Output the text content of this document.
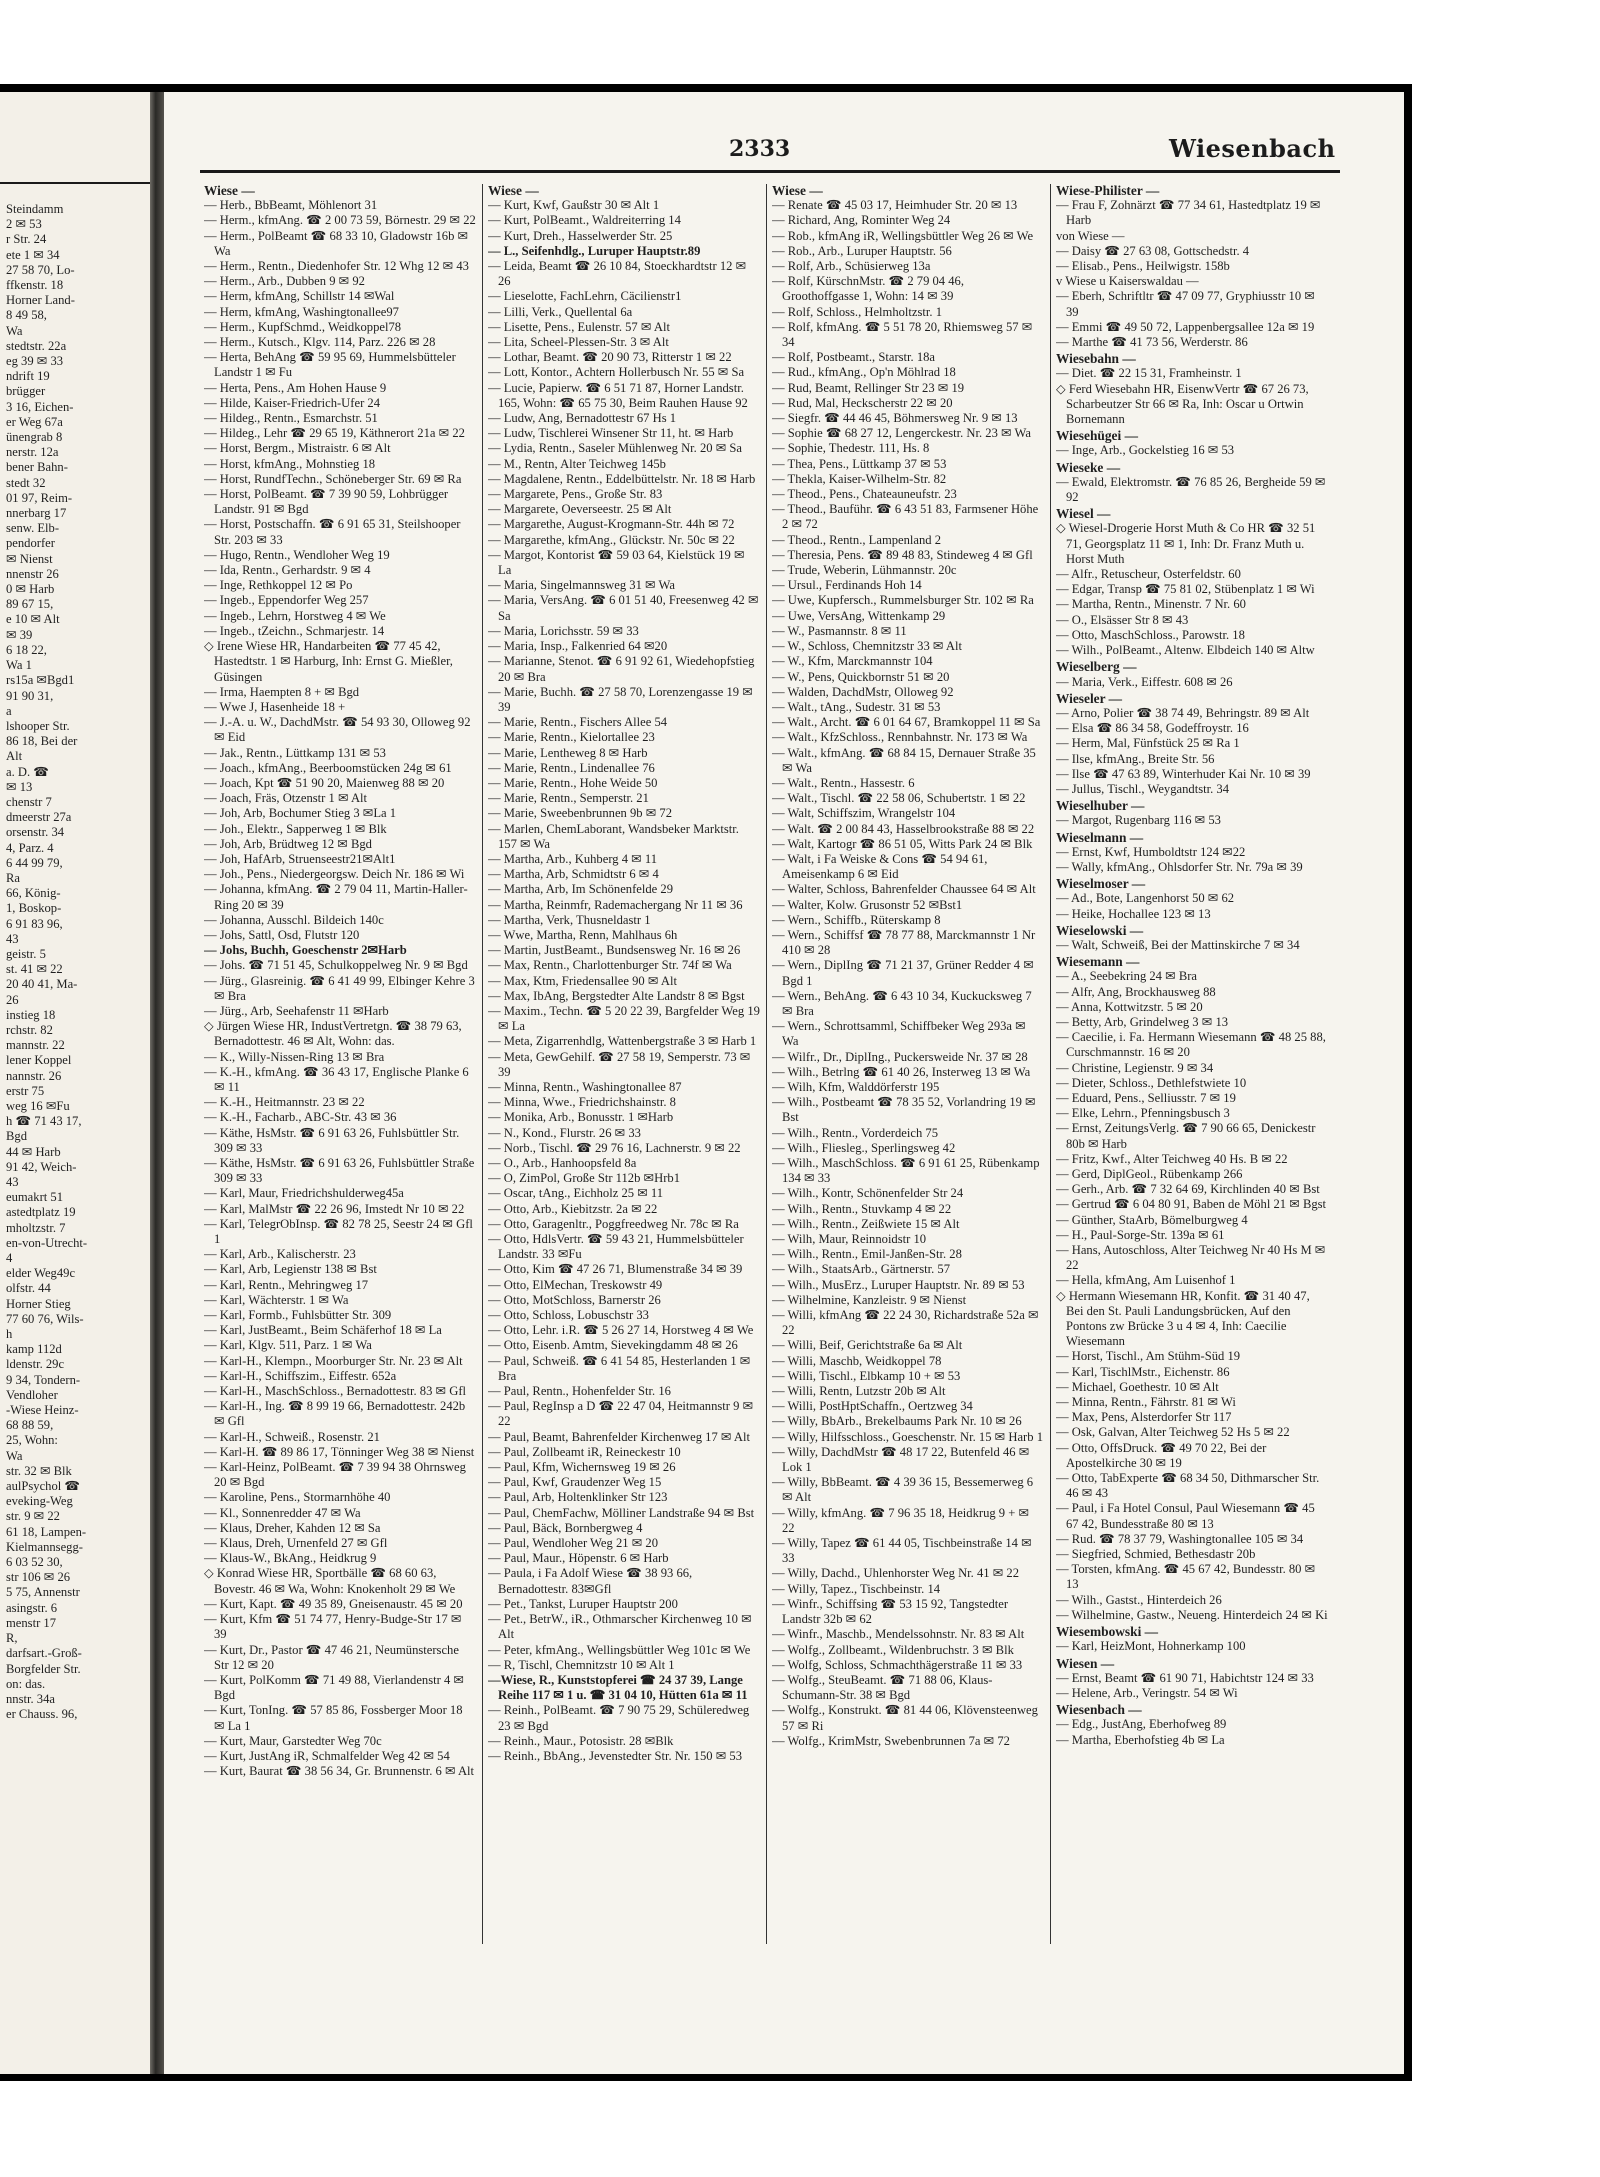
Steindamm
2 ✉ 53
r Str. 24
ete 1 ✉ 34
27 58 70, Lo-
ffkenstr. 18
Horner Land-
8 49 58,
Wa
stedtstr. 22a
eg 39 ✉ 33
ndrift 19
brügger
3 16, Eichen-
er Weg 67a
ünengrab 8
nerstr. 12a
bener Bahn-
stedt 32
01 97, Reim-
nnerbarg 17
senw. Elb-
pendorfer
✉ Nienst
nnenstr 26
0 ✉ Harb
89 67 15,
e 10 ✉ Alt
✉ 39
6 18 22,
Wa 1
rs15a ✉Bgd1
91 90 31,
a
lshooper Str.
86 18, Bei der
Alt
a. D. ☎
✉ 13
chenstr 7
dmeerstr 27a
orsenstr. 34
4, Parz. 4
6 44 99 79,
Ra
66, König-
1, Boskop-
6 91 83 96,
43
geistr. 5
st. 41 ✉ 22
20 40 41, Ma-
26
instieg 18
rchstr. 82
mannstr. 22
lener Koppel
nannstr. 26
erstr 75
weg 16 ✉Fu
h ☎ 71 43 17,
Bgd
44 ✉ Harb
91 42, Weich-
43
eumakrt 51
astedtplatz 19
mholtzstr. 7
en-von-Utrecht-
4
elder Weg49c
olfstr. 44
Horner Stieg
77 60 76, Wils-
h
kamp 112d
ldenstr. 29c
9 34, Tondern-
Vendloher
-Wiese Heinz-
68 88 59,
25, Wohn:
Wa
str. 32 ✉ Blk
aulPsychol ☎
eveking-Weg
str. 9 ✉ 22
61 18, Lampen-
Kielmannsegg-
6 03 52 30,
str 106 ✉ 26
5 75, Annenstr
asingstr. 6
menstr 17
R,
darfsart.-Groß-
Borgfelder Str.
on: das.
nnstr. 34a
er Chauss. 96,
2333	Wiesenbach

Wiese —

— Herb., BbBeamt, Möhlenort 31

— Herm., kfmAng. ☎ 2 00 73 59, Börnestr. 29 ✉ 22

— Herm., PolBeamt ☎ 68 33 10, Gladowstr 16b ✉ Wa

— Herm., Rentn., Diedenhofer Str. 12 Whg 12 ✉ 43

— Herm., Arb., Dubben 9 ✉ 92

— Herm, kfmAng, Schillstr 14 ✉Wal

— Herm, kfmAng, Washingtonallee97

— Herm., KupfSchmd., Weidkoppel78

— Herm., Kutsch., Klgv. 114, Parz. 226 ✉ 28

— Herta, BehAng ☎ 59 95 69, Hummelsbütteler Landstr 1 ✉ Fu

— Herta, Pens., Am Hohen Hause 9

— Hilde, Kaiser-Friedrich-Ufer 24

— Hildeg., Rentn., Esmarchstr. 51

— Hildeg., Lehr ☎ 29 65 19, Käthnerort 21a ✉ 22

— Horst, Bergm., Mistraistr. 6 ✉ Alt

— Horst, kfmAng., Mohnstieg 18

— Horst, RundfTechn., Schöneberger Str. 69 ✉ Ra

— Horst, PolBeamt. ☎ 7 39 90 59, Lohbrügger Landstr. 91 ✉ Bgd

— Horst, Postschaffn. ☎ 6 91 65 31, Steilshooper Str. 203 ✉ 33

— Hugo, Rentn., Wendloher Weg 19

— Ida, Rentn., Gerhardstr. 9 ✉ 4

— Inge, Rethkoppel 12 ✉ Po

— Ingeb., Eppendorfer Weg 257

— Ingeb., Lehrn, Horstweg 4 ✉ We

— Ingeb., tZeichn., Schmarjestr. 14

◇ Irene Wiese HR, Handarbeiten ☎ 77 45 42, Hastedtstr. 1 ✉ Harburg, Inh: Ernst G. Mießler, Güsingen

— Irma, Haempten 8 + ✉ Bgd

— Wwe J, Hasenheide 18 +

— J.-A. u. W., DachdMstr. ☎ 54 93 30, Olloweg 92 ✉ Eid

— Jak., Rentn., Lüttkamp 131 ✉ 53

— Joach., kfmAng., Beerboomstücken 24g ✉ 61

— Joach, Kpt ☎ 51 90 20, Maienweg 88 ✉ 20

— Joach, Fräs, Otzenstr 1 ✉ Alt

— Joh, Arb, Bochumer Stieg 3 ✉La 1

— Joh., Elektr., Sapperweg 1 ✉ Blk

— Joh, Arb, Brüdtweg 12 ✉ Bgd

— Joh, HafArb, Struenseestr21✉Alt1

— Joh., Pens., Niedergeorgsw. Deich Nr. 186 ✉ Wi

— Johanna, kfmAng. ☎ 2 79 04 11, Martin-Haller-Ring 20 ✉ 39

— Johanna, Ausschl. Bildeich 140c

— Johs, Sattl, Osd, Flutstr 120

— Johs, Buchh, Goeschenstr 2✉Harb

— Johs. ☎ 71 51 45, Schulkoppelweg Nr. 9 ✉ Bgd

— Jürg., Glasreinig. ☎ 6 41 49 99, Elbinger Kehre 3 ✉ Bra

— Jürg., Arb, Seehafenstr 11 ✉Harb

◇ Jürgen Wiese HR, IndustVertretgn. ☎ 38 79 63, Bernadottestr. 46 ✉ Alt, Wohn: das.

— K., Willy-Nissen-Ring 13 ✉ Bra

— K.-H., kfmAng. ☎ 36 43 17, Englische Planke 6 ✉ 11

— K.-H., Heitmannstr. 23 ✉ 22

— K.-H., Facharb., ABC-Str. 43 ✉ 36

— Käthe, HsMstr. ☎ 6 91 63 26, Fuhlsbüttler Str. 309 ✉ 33

— Käthe, HsMstr. ☎ 6 91 63 26, Fuhlsbüttler Straße 309 ✉ 33

— Karl, Maur, Friedrichshulderweg45a

— Karl, MalMstr ☎ 22 26 96, Imstedt Nr 10 ✉ 22

— Karl, TelegrObInsp. ☎ 82 78 25, Seestr 24 ✉ Gfl 1

— Karl, Arb., Kalischerstr. 23

— Karl, Arb, Legienstr 138 ✉ Bst

— Karl, Rentn., Mehringweg 17

— Karl, Wächterstr. 1 ✉ Wa

— Karl, Formb., Fuhlsbütter Str. 309

— Karl, JustBeamt., Beim Schäferhof 18 ✉ La

— Karl, Klgv. 511, Parz. 1 ✉ Wa

— Karl-H., Klempn., Moorburger Str. Nr. 23 ✉ Alt

— Karl-H., Schiffszim., Eiffestr. 652a

— Karl-H., MaschSchloss., Bernadottestr. 83 ✉ Gfl

— Karl-H., Ing. ☎ 8 99 19 66, Bernadottestr. 242b ✉ Gfl

— Karl-H., Schweiß., Rosenstr. 21

— Karl-H. ☎ 89 86 17, Tönninger Weg 38 ✉ Nienst

— Karl-Heinz, PolBeamt. ☎ 7 39 94 38 Ohrnsweg 20 ✉ Bgd

— Karoline, Pens., Stormarnhöhe 40

— Kl., Sonnenredder 47 ✉ Wa

— Klaus, Dreher, Kahden 12 ✉ Sa

— Klaus, Dreh, Urnenfeld 27 ✉ Gfl

— Klaus-W., BkAng., Heidkrug 9

◇ Konrad Wiese HR, Sportbälle ☎ 68 60 63, Bovestr. 46 ✉ Wa, Wohn: Knokenholt 29 ✉ We

— Kurt, Kapt. ☎ 49 35 89, Gneisenaustr. 45 ✉ 20

— Kurt, Kfm ☎ 51 74 77, Henry-Budge-Str 17 ✉ 39

— Kurt, Dr., Pastor ☎ 47 46 21, Neumünstersche Str 12 ✉ 20

— Kurt, PolKomm ☎ 71 49 88, Vierlandenstr 4 ✉Bgd

— Kurt, TonIng. ☎ 57 85 86, Fossberger Moor 18 ✉ La 1

— Kurt, Maur, Garstedter Weg 70c

— Kurt, JustAng iR, Schmalfelder Weg 42 ✉ 54

— Kurt, Baurat ☎ 38 56 34, Gr. Brunnenstr. 6 ✉ Alt

Wiese —

— Kurt, Kwf, Gaußstr 30 ✉ Alt 1

— Kurt, PolBeamt., Waldreiterring 14

— Kurt, Dreh., Hasselwerder Str. 25

— L., Seifenhdlg., Luruper Hauptstr.89

— Leida, Beamt ☎ 26 10 84, Stoeckhardtstr 12 ✉ 26

— Lieselotte, FachLehrn, Cäcilienstr1

— Lilli, Verk., Quellental 6a

— Lisette, Pens., Eulenstr. 57 ✉ Alt

— Lita, Scheel-Plessen-Str. 3 ✉ Alt

— Lothar, Beamt. ☎ 20 90 73, Ritterstr 1 ✉ 22

— Lott, Kontor., Achtern Hollerbusch Nr. 55 ✉ Sa

— Lucie, Papierw. ☎ 6 51 71 87, Horner Landstr. 165, Wohn: ☎ 65 75 30, Beim Rauhen Hause 92

— Ludw, Ang, Bernadottestr 67 Hs 1

— Ludw, Tischlerei Winsener Str 11, ht. ✉ Harb

— Lydia, Rentn., Saseler Mühlenweg Nr. 20 ✉ Sa

— M., Rentn, Alter Teichweg 145b

— Magdalene, Rentn., Eddelbüttelstr. Nr. 18 ✉ Harb

— Margarete, Pens., Große Str. 83

— Margarete, Oeverseestr. 25 ✉ Alt

— Margarethe, August-Krogmann-Str. 44h ✉ 72

— Margarethe, kfmAng., Glückstr. Nr. 50c ✉ 22

— Margot, Kontorist ☎ 59 03 64, Kielstück 19 ✉ La

— Maria, Singelmannsweg 31 ✉ Wa

— Maria, VersAng. ☎ 6 01 51 40, Freesenweg 42 ✉ Sa

— Maria, Lorichsstr. 59 ✉ 33

— Maria, Insp., Falkenried 64 ✉20

— Marianne, Stenot. ☎ 6 91 92 61, Wiedehopfstieg 20 ✉ Bra

— Marie, Buchh. ☎ 27 58 70, Lorenzengasse 19 ✉ 39

— Marie, Rentn., Fischers Allee 54

— Marie, Rentn., Kielortallee 23

— Marie, Lentheweg 8 ✉ Harb

— Marie, Rentn., Lindenallee 76

— Marie, Rentn., Hohe Weide 50

— Marie, Rentn., Semperstr. 21

— Marie, Sweebenbrunnen 9b ✉ 72

— Marlen, ChemLaborant, Wandsbeker Marktstr. 157 ✉ Wa

— Martha, Arb., Kuhberg 4 ✉ 11

— Martha, Arb, Schmidtstr 6 ✉ 4

— Martha, Arb, Im Schönenfelde 29

— Martha, Reinmfr, Rademachergang Nr 11 ✉ 36

— Martha, Verk, Thusneldastr 1

— Wwe, Martha, Renn, Mahlhaus 6h

— Martin, JustBeamt., Bundsensweg Nr. 16 ✉ 26

— Max, Rentn., Charlottenburger Str. 74f ✉ Wa

— Max, Ktm, Friedensallee 90 ✉ Alt

— Max, IbAng, Bergstedter Alte Landstr 8 ✉ Bgst

— Maxim., Techn. ☎ 5 20 22 39, Bargfelder Weg 19 ✉ La

— Meta, Zigarrenhdlg, Wattenbergstraße 3 ✉ Harb 1

— Meta, GewGehilf. ☎ 27 58 19, Semperstr. 73 ✉ 39

— Minna, Rentn., Washingtonallee 87

— Minna, Wwe., Friedrichshainstr. 8

— Monika, Arb., Bonusstr. 1 ✉Harb

— N., Kond., Flurstr. 26 ✉ 33

— Norb., Tischl. ☎ 29 76 16, Lachnerstr. 9 ✉ 22

— O., Arb., Hanhoopsfeld 8a

— O, ZimPol, Große Str 112b ✉Hrb1

— Oscar, tAng., Eichholz 25 ✉ 11

— Otto, Arb., Kiebitzstr. 2a ✉ 22

— Otto, Garagenltr., Poggfreedweg Nr. 78c ✉ Ra

— Otto, HdlsVertr. ☎ 59 43 21, Hummelsbütteler Landstr. 33 ✉Fu

— Otto, Kim ☎ 47 26 71, Blumenstraße 34 ✉ 39

— Otto, ElMechan, Treskowstr 49

— Otto, MotSchloss, Barnerstr 26

— Otto, Schloss, Lobuschstr 33

— Otto, Lehr. i.R. ☎ 5 26 27 14, Horstweg 4 ✉ We

— Otto, Eisenb. Amtm, Sievekingdamm 48 ✉ 26

— Paul, Schweiß. ☎ 6 41 54 85, Hesterlanden 1 ✉ Bra

— Paul, Rentn., Hohenfelder Str. 16

— Paul, RegInsp a D ☎ 22 47 04, Heitmannstr 9 ✉ 22

— Paul, Beamt, Bahrenfelder Kirchenweg 17 ✉ Alt

— Paul, Zollbeamt iR, Reineckestr 10

— Paul, Kfm, Wichernsweg 19 ✉ 26

— Paul, Kwf, Graudenzer Weg 15

— Paul, Arb, Holtenklinker Str 123

— Paul, ChemFachw, Mölliner Landstraße 94 ✉ Bst

— Paul, Bäck, Bornbergweg 4

— Paul, Wendloher Weg 21 ✉ 20

— Paul, Maur., Höpenstr. 6 ✉ Harb

— Paula, i Fa Adolf Wiese ☎ 38 93 66, Bernadottestr. 83✉Gfl

— Pet., Tankst, Luruper Hauptstr 200

— Pet., BetrW., iR., Othmarscher Kirchenweg 10 ✉ Alt

— Peter, kfmAng., Wellingsbüttler Weg 101c ✉ We

— R, Tischl, Chemnitzstr 10 ✉ Alt 1

—Wiese, R., Kunststopferei ☎ 24 37 39, Lange Reihe 117 ✉ 1 u. ☎ 31 04 10, Hütten 61a ✉ 11

— Reinh., PolBeamt. ☎ 7 90 75 29, Schüleredweg 23 ✉ Bgd

— Reinh., Maur., Potosistr. 28 ✉Blk

— Reinh., BbAng., Jevenstedter Str. Nr. 150 ✉ 53

Wiese —

— Renate ☎ 45 03 17, Heimhuder Str. 20 ✉ 13

— Richard, Ang, Rominter Weg 24

— Rob., kfmAng iR, Wellingsbüttler Weg 26 ✉ We

— Rob., Arb., Luruper Hauptstr. 56

— Rolf, Arb., Schüsierweg 13a

— Rolf, KürschnMstr. ☎ 2 79 04 46, Groothoffgasse 1, Wohn: 14 ✉ 39

— Rolf, Schloss., Helmholtzstr. 1

— Rolf, kfmAng. ☎ 5 51 78 20, Rhiemsweg 57 ✉ 34

— Rolf, Postbeamt., Starstr. 18a

— Rud., kfmAng., Op'n Möhlrad 18

— Rud, Beamt, Rellinger Str 23 ✉ 19

— Rud, Mal, Heckscherstr 22 ✉ 20

— Siegfr. ☎ 44 46 45, Böhmersweg Nr. 9 ✉ 13

— Sophie ☎ 68 27 12, Lengerckestr. Nr. 23 ✉ Wa

— Sophie, Thedestr. 111, Hs. 8

— Thea, Pens., Lüttkamp 37 ✉ 53

— Thekla, Kaiser-Wilhelm-Str. 82

— Theod., Pens., Chateauneufstr. 23

— Theod., Bauführ. ☎ 6 43 51 83, Farmsener Höhe 2 ✉ 72

— Theod., Rentn., Lampenland 2

— Theresia, Pens. ☎ 89 48 83, Stindeweg 4 ✉ Gfl

— Trude, Weberin, Lühmannstr. 20c

— Ursul., Ferdinands Hoh 14

— Uwe, Kupfersch., Rummelsburger Str. 102 ✉ Ra

— Uwe, VersAng, Wittenkamp 29

— W., Pasmannstr. 8 ✉ 11

— W., Schloss, Chemnitzstr 33 ✉ Alt

— W., Kfm, Marckmannstr 104

— W., Pens, Quickbornstr 51 ✉ 20

— Walden, DachdMstr, Olloweg 92

— Walt., tAng., Sudestr. 31 ✉ 53

— Walt., Archt. ☎ 6 01 64 67, Bramkoppel 11 ✉ Sa

— Walt., KfzSchloss., Rennbahnstr. Nr. 173 ✉ Wa

— Walt., kfmAng. ☎ 68 84 15, Dernauer Straße 35 ✉ Wa

— Walt., Rentn., Hassestr. 6

— Walt., Tischl. ☎ 22 58 06, Schubertstr. 1 ✉ 22

— Walt, Schiffszim, Wrangelstr 104

— Walt. ☎ 2 00 84 43, Hasselbrookstraße 88 ✉ 22

— Walt, Kartogr ☎ 86 51 05, Witts Park 24 ✉ Blk

— Walt, i Fa Weiske & Cons ☎ 54 94 61, Ameisenkamp 6 ✉ Eid

— Walter, Schloss, Bahrenfelder Chaussee 64 ✉ Alt

— Walter, Kolw. Grusonstr 52 ✉Bst1

— Wern., Schiffb., Rüterskamp 8

— Wern., Schiffsf ☎ 78 77 88, Marckmannstr 1 Nr 410 ✉ 28

— Wern., DiplIng ☎ 71 21 37, Grüner Redder 4 ✉ Bgd 1

— Wern., BehAng. ☎ 6 43 10 34, Kuckucksweg 7 ✉ Bra

— Wern., Schrottsamml, Schiffbeker Weg 293a ✉ Wa

— Wilfr., Dr., DiplIng., Puckersweide Nr. 37 ✉ 28

— Wilh., Betrlng ☎ 61 40 26, Insterweg 13 ✉ Wa

— Wilh, Kfm, Walddörferstr 195

— Wilh., Postbeamt ☎ 78 35 52, Vorlandring 19 ✉ Bst

— Wilh., Rentn., Vorderdeich 75

— Wilh., Fliesleg., Sperlingsweg 42

— Wilh., MaschSchloss. ☎ 6 91 61 25, Rübenkamp 134 ✉ 33

— Wilh., Kontr, Schönenfelder Str 24

— Wilh., Rentn., Stuvkamp 4 ✉ 22

— Wilh., Rentn., Zeißwiete 15 ✉ Alt

— Wilh, Maur, Reinnoidstr 10

— Wilh., Rentn., Emil-Janßen-Str. 28

— Wilh., StaatsArb., Gärtnerstr. 57

— Wilh., MusErz., Luruper Hauptstr. Nr. 89 ✉ 53

— Wilhelmine, Kanzleistr. 9 ✉ Nienst

— Willi, kfmAng ☎ 22 24 30, Richardstraße 52a ✉ 22

— Willi, Beif, Gerichtstraße 6a ✉ Alt

— Willi, Maschb, Weidkoppel 78

— Willi, Tischl., Elbkamp 10 + ✉ 53

— Willi, Rentn, Lutzstr 20b ✉ Alt

— Willi, PostHptSchaffn., Oertzweg 34

— Willy, BbArb., Brekelbaums Park Nr. 10 ✉ 26

— Willy, Hilfsschloss., Goeschenstr. Nr. 15 ✉ Harb 1

— Willy, DachdMstr ☎ 48 17 22, Butenfeld 46 ✉ Lok 1

— Willy, BbBeamt. ☎ 4 39 36 15, Bessemerweg 6 ✉ Alt

— Willy, kfmAng. ☎ 7 96 35 18, Heidkrug 9 + ✉ 22

— Willy, Tapez ☎ 61 44 05, Tischbeinstraße 14 ✉ 33

— Willy, Dachd., Uhlenhorster Weg Nr. 41 ✉ 22

— Willy, Tapez., Tischbeinstr. 14

— Winfr., Schiffsing ☎ 53 15 92, Tangstedter Landstr 32b ✉ 62

— Winfr., Maschb., Mendelssohnstr. Nr. 83 ✉ Alt

— Wolfg., Zollbeamt., Wildenbruchstr. 3 ✉ Blk

— Wolfg, Schloss, Schmachthägerstraße 11 ✉ 33

— Wolfg., SteuBeamt. ☎ 71 88 06, Klaus-Schumann-Str. 38 ✉ Bgd

— Wolfg., Konstrukt. ☎ 81 44 06, Klövensteenweg 57 ✉ Ri

— Wolfg., KrimMstr, Swebenbrunnen 7a ✉ 72

Wiese-Philister —

— Frau F, Zohnärzt ☎ 77 34 61, Hastedtplatz 19 ✉ Harb

von Wiese —

— Daisy ☎ 27 63 08, Gottschedstr. 4

— Elisab., Pens., Heilwigstr. 158b

v Wiese u Kaiserswaldau —

— Eberh, Schriftltr ☎ 47 09 77, Gryphiusstr 10 ✉ 39

— Emmi ☎ 49 50 72, Lappenbergsallee 12a ✉ 19

— Marthe ☎ 41 73 56, Werderstr. 86

Wiesebahn —

— Diet. ☎ 22 15 31, Framheinstr. 1

◇ Ferd Wiesebahn HR, EisenwVertr ☎ 67 26 73, Scharbeutzer Str 66 ✉ Ra, Inh: Oscar u Ortwin Bornemann

Wiesehügei —

— Inge, Arb., Gockelstieg 16 ✉ 53

Wieseke —

— Ewald, Elektromstr. ☎ 76 85 26, Bergheide 59 ✉ 92

Wiesel —

◇ Wiesel-Drogerie Horst Muth & Co HR ☎ 32 51 71, Georgsplatz 11 ✉ 1, Inh: Dr. Franz Muth u. Horst Muth

— Alfr., Retuscheur, Osterfeldstr. 60

— Edgar, Transp ☎ 75 81 02, Stübenplatz 1 ✉ Wi

— Martha, Rentn., Minenstr. 7 Nr. 60

— O., Elsässer Str 8 ✉ 43

— Otto, MaschSchloss., Parowstr. 18

— Wilh., PolBeamt., Altenw. Elbdeich 140 ✉ Altw

Wieselberg —

— Maria, Verk., Eiffestr. 608 ✉ 26

Wieseler —

— Arno, Polier ☎ 38 74 49, Behringstr. 89 ✉ Alt

— Elsa ☎ 86 34 58, Godeffroystr. 16

— Herm, Mal, Fünfstück 25 ✉ Ra 1

— Ilse, kfmAng., Breite Str. 56

— Ilse ☎ 47 63 89, Winterhuder Kai Nr. 10 ✉ 39

— Jullus, Tischl., Weygandtstr. 34

Wieselhuber —

— Margot, Rugenbarg 116 ✉ 53

Wieselmann —

— Ernst, Kwf, Humboldtstr 124 ✉22

— Wally, kfmAng., Ohlsdorfer Str. Nr. 79a ✉ 39

Wieselmoser —

— Ad., Bote, Langenhorst 50 ✉ 62

— Heike, Hochallee 123 ✉ 13

Wieselowski —

— Walt, Schweiß, Bei der Mattinskirche 7 ✉ 34

Wiesemann —

— A., Seebekring 24 ✉ Bra

— Alfr, Ang, Brockhausweg 88

— Anna, Kottwitzstr. 5 ✉ 20

— Betty, Arb, Grindelweg 3 ✉ 13

— Caecilie, i. Fa. Hermann Wiesemann ☎ 48 25 88, Curschmannstr. 16 ✉ 20

— Christine, Legienstr. 9 ✉ 34

— Dieter, Schloss., Dethlefstwiete 10

— Eduard, Pens., Selliusstr. 7 ✉ 19

— Elke, Lehrn., Pfenningsbusch 3

— Ernst, ZeitungsVerlg. ☎ 7 90 66 65, Denickestr 80b ✉ Harb

— Fritz, Kwf., Alter Teichweg 40 Hs. B ✉ 22

— Gerd, DiplGeol., Rübenkamp 266

— Gerh., Arb. ☎ 7 32 64 69, Kirchlinden 40 ✉ Bst

— Gertrud ☎ 6 04 80 91, Baben de Möhl 21 ✉ Bgst

— Günther, StaArb, Bömelburgweg 4

— H., Paul-Sorge-Str. 139a ✉ 61

— Hans, Autoschloss, Alter Teichweg Nr 40 Hs M ✉ 22

— Hella, kfmAng, Am Luisenhof 1

◇ Hermann Wiesemann HR, Konfit. ☎ 31 40 47, Bei den St. Pauli Landungsbrücken, Auf den Pontons zw Brücke 3 u 4 ✉ 4, Inh: Caecilie Wiesemann

— Horst, Tischl., Am Stühm-Süd 19

— Karl, TischlMstr., Eichenstr. 86

— Michael, Goethestr. 10 ✉ Alt

— Minna, Rentn., Fährstr. 81 ✉ Wi

— Max, Pens, Alsterdorfer Str 117

— Osk, Galvan, Alter Teichweg 52 Hs 5 ✉ 22

— Otto, OffsDruck. ☎ 49 70 22, Bei der Apostelkirche 30 ✉ 19

— Otto, TabExperte ☎ 68 34 50, Dithmarscher Str. 46 ✉ 43

— Paul, i Fa Hotel Consul, Paul Wiesemann ☎ 45 67 42, Bundesstraße 80 ✉ 13

— Rud. ☎ 78 37 79, Washingtonallee 105 ✉ 34

— Siegfried, Schmied, Bethesdastr 20b

— Torsten, kfmAng. ☎ 45 67 42, Bundesstr. 80 ✉ 13

— Wilh., Gastst., Hinterdeich 26

— Wilhelmine, Gastw., Neueng. Hinterdeich 24 ✉ Ki

Wiesembowski —

— Karl, HeizMont, Hohnerkamp 100

Wiesen —

— Ernst, Beamt ☎ 61 90 71, Habichtstr 124 ✉ 33

— Helene, Arb., Veringstr. 54 ✉ Wi

Wiesenbach —

— Edg., JustAng, Eberhofweg 89

— Martha, Eberhofstieg 4b ✉ La
